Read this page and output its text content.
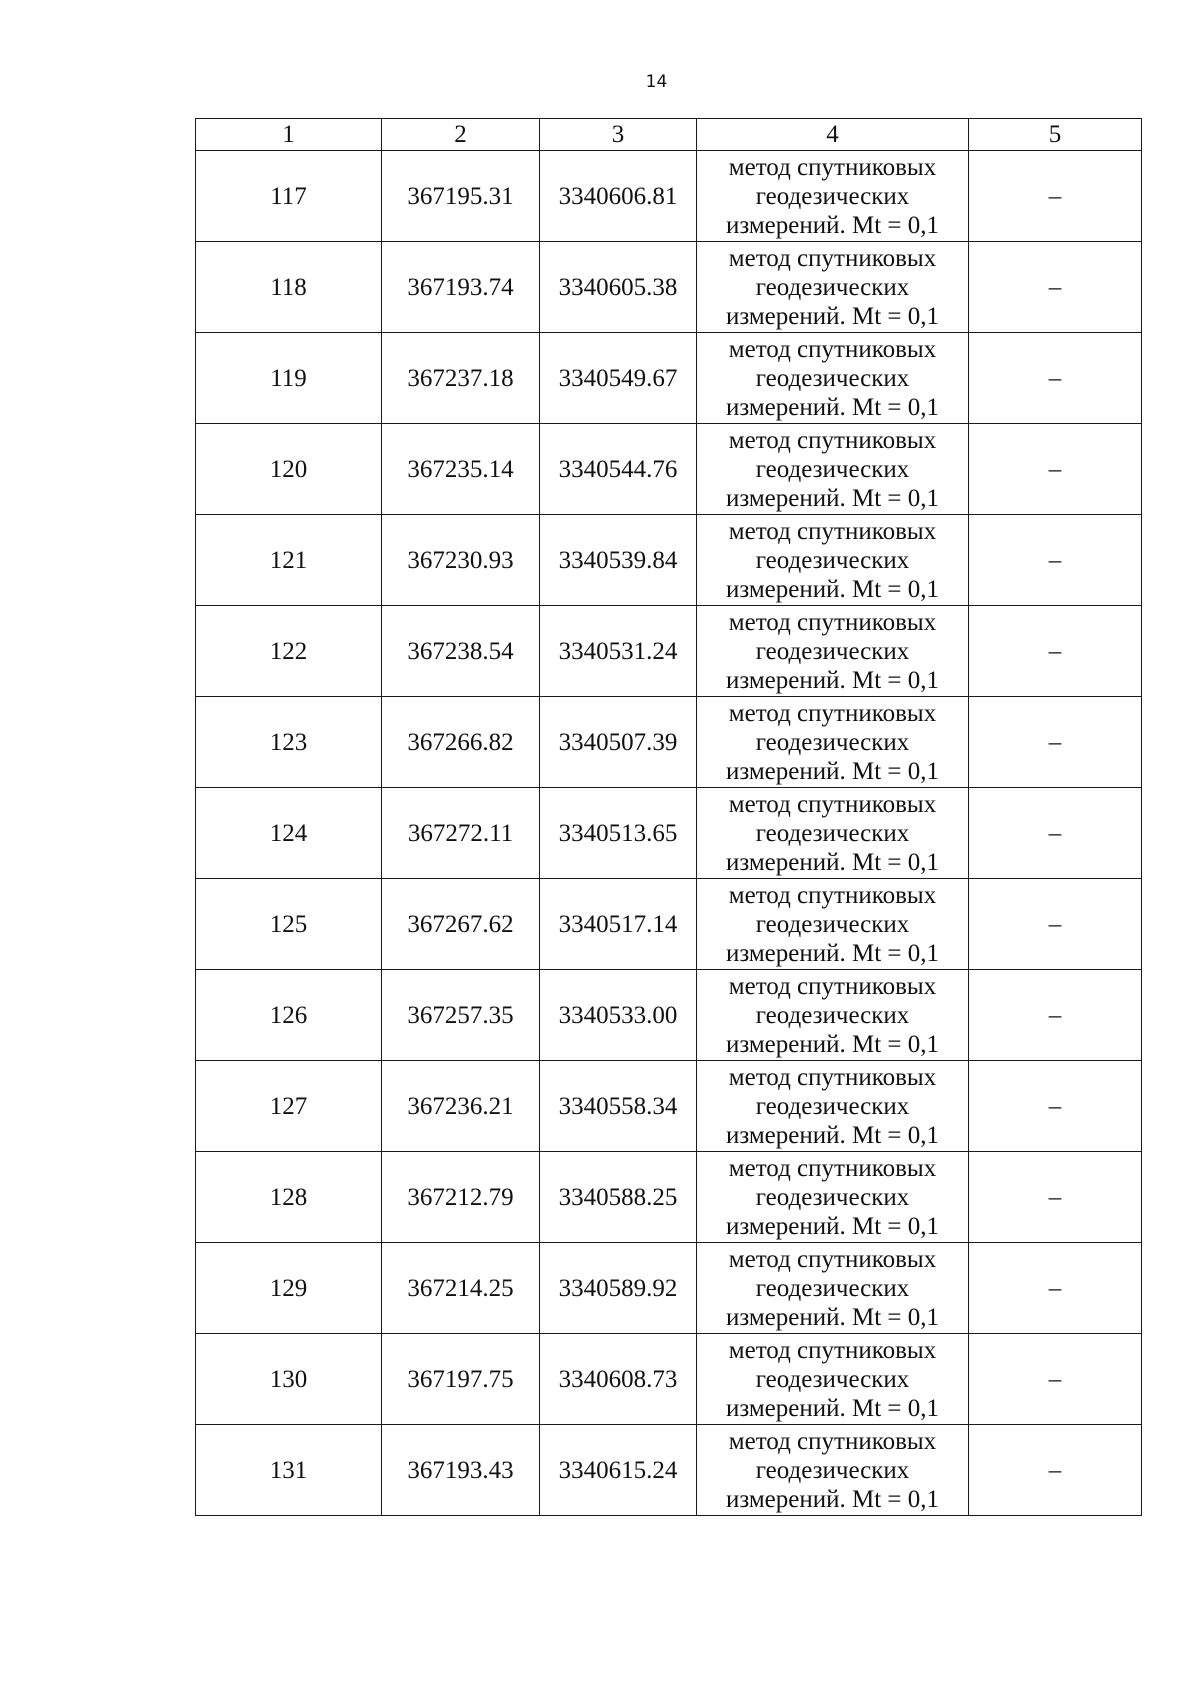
14
1	2	3	4	5
117	367195.31	3340606.81	метод спутниковых
геодезических
измерений. Mt = 0,1	–
118	367193.74	3340605.38	метод спутниковых
геодезических
измерений. Mt = 0,1	–
119	367237.18	3340549.67	метод спутниковых
геодезических
измерений. Mt = 0,1	–
120	367235.14	3340544.76	метод спутниковых
геодезических
измерений. Mt = 0,1	–
121	367230.93	3340539.84	метод спутниковых
геодезических
измерений. Mt = 0,1	–
122	367238.54	3340531.24	метод спутниковых
геодезических
измерений. Mt = 0,1	–
123	367266.82	3340507.39	метод спутниковых
геодезических
измерений. Mt = 0,1	–
124	367272.11	3340513.65	метод спутниковых
геодезических
измерений. Mt = 0,1	–
125	367267.62	3340517.14	метод спутниковых
геодезических
измерений. Mt = 0,1	–
126	367257.35	3340533.00	метод спутниковых
геодезических
измерений. Mt = 0,1	–
127	367236.21	3340558.34	метод спутниковых
геодезических
измерений. Mt = 0,1	–
128	367212.79	3340588.25	метод спутниковых
геодезических
измерений. Mt = 0,1	–
129	367214.25	3340589.92	метод спутниковых
геодезических
измерений. Mt = 0,1	–
130	367197.75	3340608.73	метод спутниковых
геодезических
измерений. Mt = 0,1	–
131	367193.43	3340615.24	метод спутниковых
геодезических
измерений. Mt = 0,1	–
